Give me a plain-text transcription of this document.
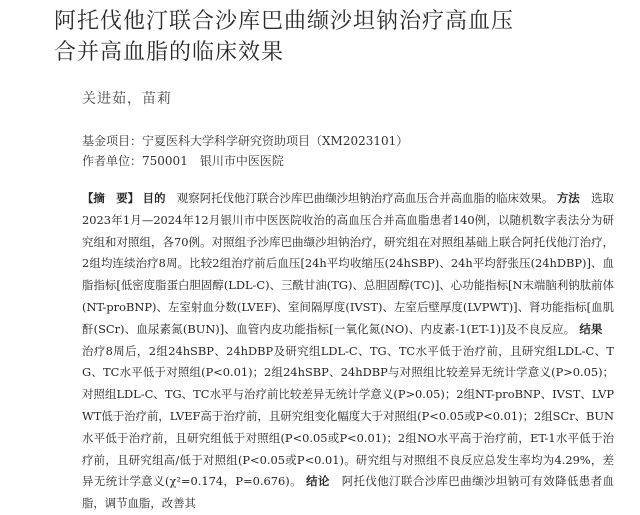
阿托伐他汀联合沙库巴曲缬沙坦钠治疗高血压
合并高血脂的临床效果
关进茹，苗莉
基金项目：宁夏医科大学科学研究资助项目（XM2023101）
作者单位：750001　银川市中医医院
【摘　要】 目的　观察阿托伐他汀联合沙库巴曲缬沙坦钠治疗高血压合并高血脂的临床效果。 方法　选取2023年1月—2024年12月银川市中医医院收治的高血压合并高血脂患者140例，以随机数字表法分为研究组和对照组，各70例。对照组予沙库巴曲缬沙坦钠治疗，研究组在对照组基础上联合阿托伐他汀治疗，2组均连续治疗8周。比较2组治疗前后血压[24h平均收缩压(24hSBP)、24h平均舒张压(24hDBP)]、血脂指标[低密度脂蛋白胆固醇(LDL-C)、三酰甘油(TG)、总胆固醇(TC)]、心功能指标[N末端脑利钠肽前体(NT-proBNP)、左室射血分数(LVEF)、室间隔厚度(IVST)、左室后壁厚度(LVPWT)]、肾功能指标[血肌酐(SCr)、血尿素氮(BUN)]、血管内皮功能指标[一氧化氮(NO)、内皮素-1(ET-1)]及不良反应。 结果　治疗8周后，2组24hSBP、24hDBP及研究组LDL-C、TG、TC水平低于治疗前，且研究组LDL-C、TG、TC水平低于对照组(P<0.01)；2组24hSBP、24hDBP与对照组比较差异无统计学意义(P>0.05)；对照组LDL-C、TG、TC水平与治疗前比较差异无统计学意义(P>0.05)；2组NT-proBNP、IVST、LVPWT低于治疗前，LVEF高于治疗前，且研究组变化幅度大于对照组(P<0.05或P<0.01)；2组SCr、BUN水平低于治疗前，且研究组低于对照组(P<0.05或P<0.01)；2组NO水平高于治疗前，ET-1水平低于治疗前，且研究组高/低于对照组(P<0.05或P<0.01)。研究组与对照组不良反应总发生率均为4.29%，差异无统计学意义(χ²=0.174，P=0.676)。 结论　阿托伐他汀联合沙库巴曲缬沙坦钠可有效降低患者血脂，调节血脂，改善其
